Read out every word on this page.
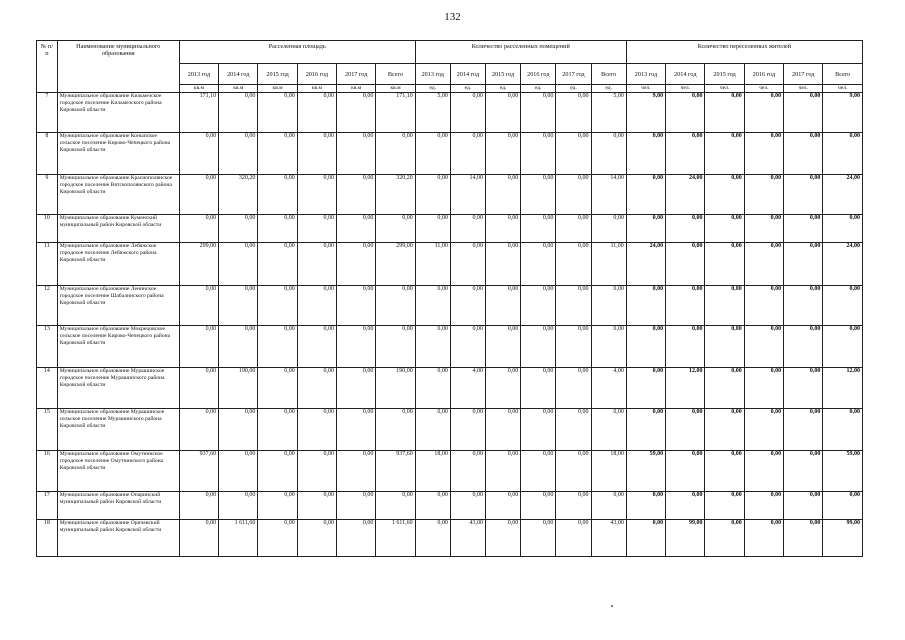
132
№ п/п	Наименование муниципального образования	Расселенная площадь						Количество расселенных помещений						Количество переселенных жителей					
		2013 год	2014 год	2015 год	2016 год	2017 год	Всего	2013 год	2014 год	2015 год	2016 год	2017 год	Всего	2013 год	2014 год	2015 год	2016 год	2017 год	Всего
		кв.м	кв.м	кв.м	кв.м	кв.м	кв.м	ед.	ед.	ед.	ед.	ед.	ед.	чел.	чел.	чел.	чел.	чел.	чел.
7	Муниципальное образование Кильмезское городское поселение Кильмезского района Кировской области	171,10	0,00	0,00	0,00	0,00	171,10	5,00	0,00	0,00	0,00	0,00	5,00	9,00	0,00	0,00	0,00	0,00	9,00
8	Муниципальное образование Коныпское сельское поселение Кирово-Чепецкого района Кировской области	0,00	0,00	0,00	0,00	0,00	0,00	0,00	0,00	0,00	0,00	0,00	0,00	0,00	0,00	0,00	0,00	0,00	0,00
9	Муниципальное образование Краснополянское городское поселение Вятскополянского района Кировской области	0,00	320,20	0,00	0,00	0,00	320,20	0,00	14,00	0,00	0,00	0,00	14,00	0,00	24,00	0,00	0,00	0,00	24,00
10	Муниципальное образование Куменский муниципальный район Кировской области	0,00	0,00	0,00	0,00	0,00	0,00	0,00	0,00	0,00	0,00	0,00	0,00	0,00	0,00	0,00	0,00	0,00	0,00
11	Муниципальное образование Лебяжское городское поселение Лебяжского района Кировской области	299,00	0,00	0,00	0,00	0,00	299,00	11,00	0,00	0,00	0,00	0,00	11,00	24,00	0,00	0,00	0,00	0,00	24,00
12	Муниципальное образование Ленинское городское поселение Шабалинского района Кировской области	0,00	0,00	0,00	0,00	0,00	0,00	0,00	0,00	0,00	0,00	0,00	0,00	0,00	0,00	0,00	0,00	0,00	0,00
13	Муниципальное образование Мокрецовское сельское поселение Кирово-Чепецкого района Кировской области	0,00	0,00	0,00	0,00	0,00	0,00	0,00	0,00	0,00	0,00	0,00	0,00	0,00	0,00	0,00	0,00	0,00	0,00
14	Муниципальное образование Мурашинское городское поселение Мурашинского района Кировской области	0,00	190,00	0,00	0,00	0,00	190,00	0,00	4,00	0,00	0,00	0,00	4,00	0,00	12,00	0,00	0,00	0,00	12,00
15	Муниципальное образование Мурашинское сельское поселение Мурашинского района Кировской области	0,00	0,00	0,00	0,00	0,00	0,00	0,00	0,00	0,00	0,00	0,00	0,00	0,00	0,00	0,00	0,00	0,00	0,00
16	Муниципальное образование Омутнинское городское поселение Омутнинского района Кировской области	937,60	0,00	0,00	0,00	0,00	937,60	18,00	0,00	0,00	0,00	0,00	18,00	59,00	0,00	0,00	0,00	0,00	59,00
17	Муниципальное образование Опаринский муниципальный район Кировской области	0,00	0,00	0,00	0,00	0,00	0,00	0,00	0,00	0,00	0,00	0,00	0,00	0,00	0,00	0,00	0,00	0,00	0,00
18	Муниципальное образование Оричевский муниципальный район Кировской области	0,00	1 611,60	0,00	0,00	0,00	1 611,60	0,00	43,00	0,00	0,00	0,00	43,00	0,00	99,00	0,00	0,00	0,00	99,00
